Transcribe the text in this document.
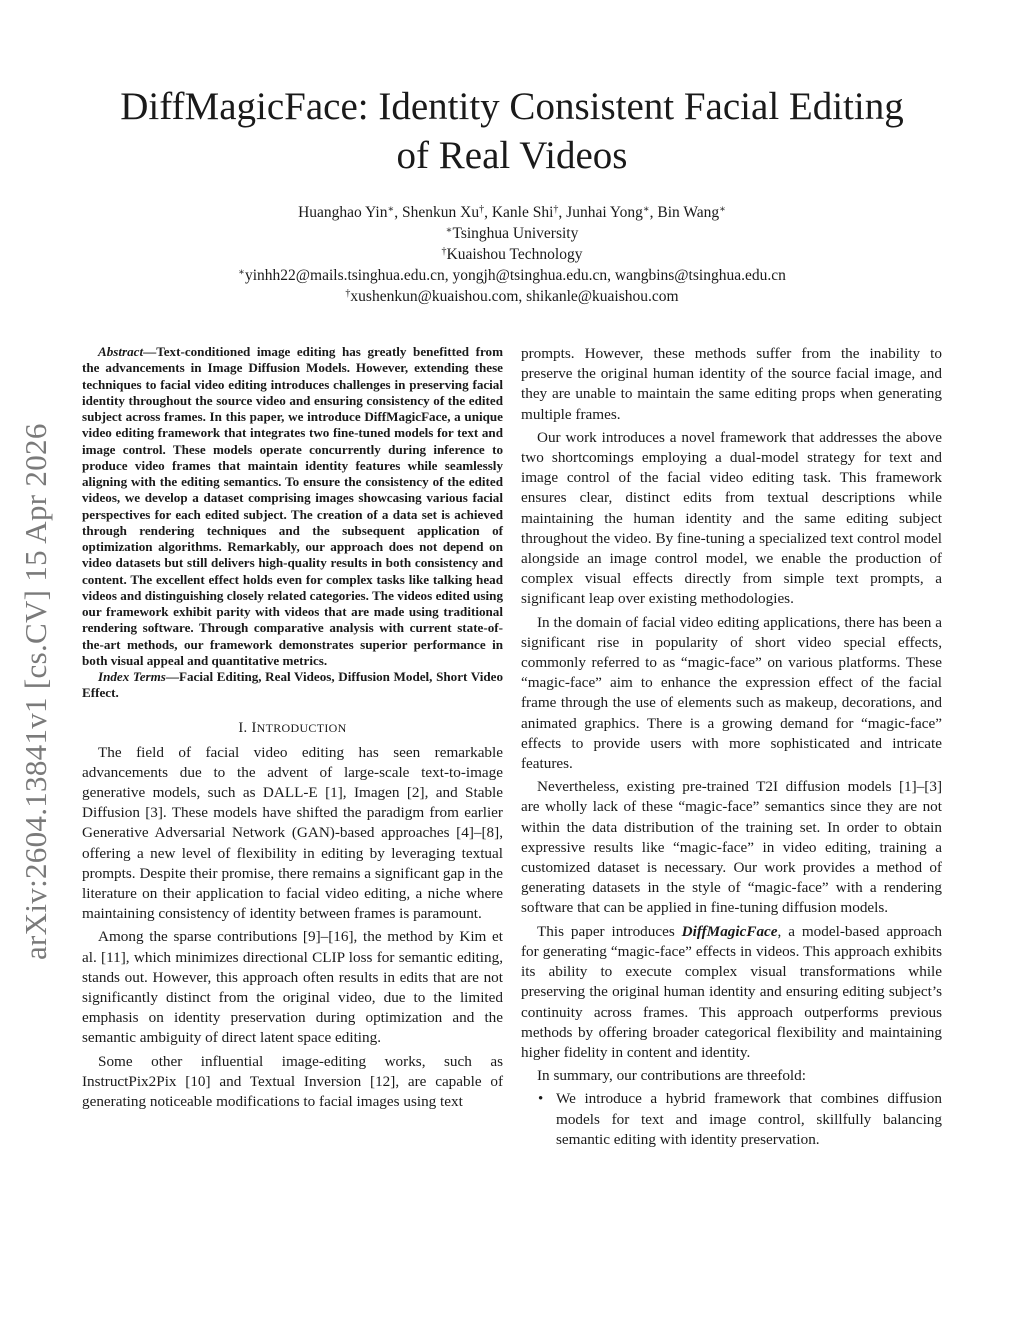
DiffMagicFace: Identity Consistent Facial Editing
of Real Videos
Huanghao Yin∗, Shenkun Xu†, Kanle Shi†, Junhai Yong∗, Bin Wang∗
∗Tsinghua University
†Kuaishou Technology
∗yinhh22@mails.tsinghua.edu.cn, yongjh@tsinghua.edu.cn, wangbins@tsinghua.edu.cn
†xushenkun@kuaishou.com, shikanle@kuaishou.com
arXiv:2604.13841v1 [cs.CV] 15 Apr 2026

Abstract—Text-conditioned image editing has greatly benefitted from the advancements in Image Diffusion Models. However, extending these techniques to facial video editing introduces challenges in preserving facial identity throughout the source video and ensuring consistency of the edited subject across frames. In this paper, we introduce DiffMagicFace, a unique video editing framework that integrates two fine-tuned models for text and image control. These models operate concurrently during inference to produce video frames that maintain identity features while seamlessly aligning with the editing semantics. To ensure the consistency of the edited videos, we develop a dataset comprising images showcasing various facial perspectives for each edited subject. The creation of a data set is achieved through rendering techniques and the subsequent application of optimization algorithms. Remarkably, our approach does not depend on video datasets but still delivers high-quality results in both consistency and content. The excellent effect holds even for complex tasks like talking head videos and distinguishing closely related categories. The videos edited using our framework exhibit parity with videos that are made using traditional rendering software. Through comparative analysis with current state-of-the-art methods, our framework demonstrates superior performance in both visual appeal and quantitative metrics.

Index Terms—Facial Editing, Real Videos, Diffusion Model, Short Video Effect.

I. INTRODUCTION

The field of facial video editing has seen remarkable advancements due to the advent of large-scale text-to-image generative models, such as DALL-E [1], Imagen [2], and Stable Diffusion [3]. These models have shifted the paradigm from earlier Generative Adversarial Network (GAN)-based approaches [4]–[8], offering a new level of flexibility in editing by leveraging textual prompts. Despite their promise, there remains a significant gap in the literature on their application to facial video editing, a niche where maintaining consistency of identity between frames is paramount.

Among the sparse contributions [9]–[16], the method by Kim et al. [11], which minimizes directional CLIP loss for semantic editing, stands out. However, this approach often results in edits that are not significantly distinct from the original video, due to the limited emphasis on identity preservation during optimization and the semantic ambiguity of direct latent space editing.

Some other influential image-editing works, such as InstructPix2Pix [10] and Textual Inversion [12], are capable of generating noticeable modifications to facial images using text

prompts. However, these methods suffer from the inability to preserve the original human identity of the source facial image, and they are unable to maintain the same editing props when generating multiple frames.

Our work introduces a novel framework that addresses the above two shortcomings employing a dual-model strategy for text and image control of the facial video editing task. This framework ensures clear, distinct edits from textual descriptions while maintaining the human identity and the same editing subject throughout the video. By fine-tuning a specialized text control model alongside an image control model, we enable the production of complex visual effects directly from simple text prompts, a significant leap over existing methodologies.

In the domain of facial video editing applications, there has been a significant rise in popularity of short video special effects, commonly referred to as “magic-face” on various platforms. These “magic-face” aim to enhance the expression effect of the facial frame through the use of elements such as makeup, decorations, and animated graphics. There is a growing demand for “magic-face” effects to provide users with more sophisticated and intricate features.

Nevertheless, existing pre-trained T2I diffusion models [1]–[3] are wholly lack of these “magic-face” semantics since they are not within the data distribution of the training set. In order to obtain expressive results like “magic-face” in video editing, training a customized dataset is necessary. Our work provides a method of generating datasets in the style of “magic-face” with a rendering software that can be applied in fine-tuning diffusion models.

This paper introduces DiffMagicFace, a model-based approach for generating “magic-face” effects in videos. This approach exhibits its ability to execute complex visual transformations while preserving the original human identity and ensuring editing subject’s continuity across frames. This approach outperforms previous methods by offering broader categorical flexibility and maintaining higher fidelity in content and identity.

In summary, our contributions are threefold:

• We introduce a hybrid framework that combines diffusion models for text and image control, skillfully balancing semantic editing with identity preservation.
